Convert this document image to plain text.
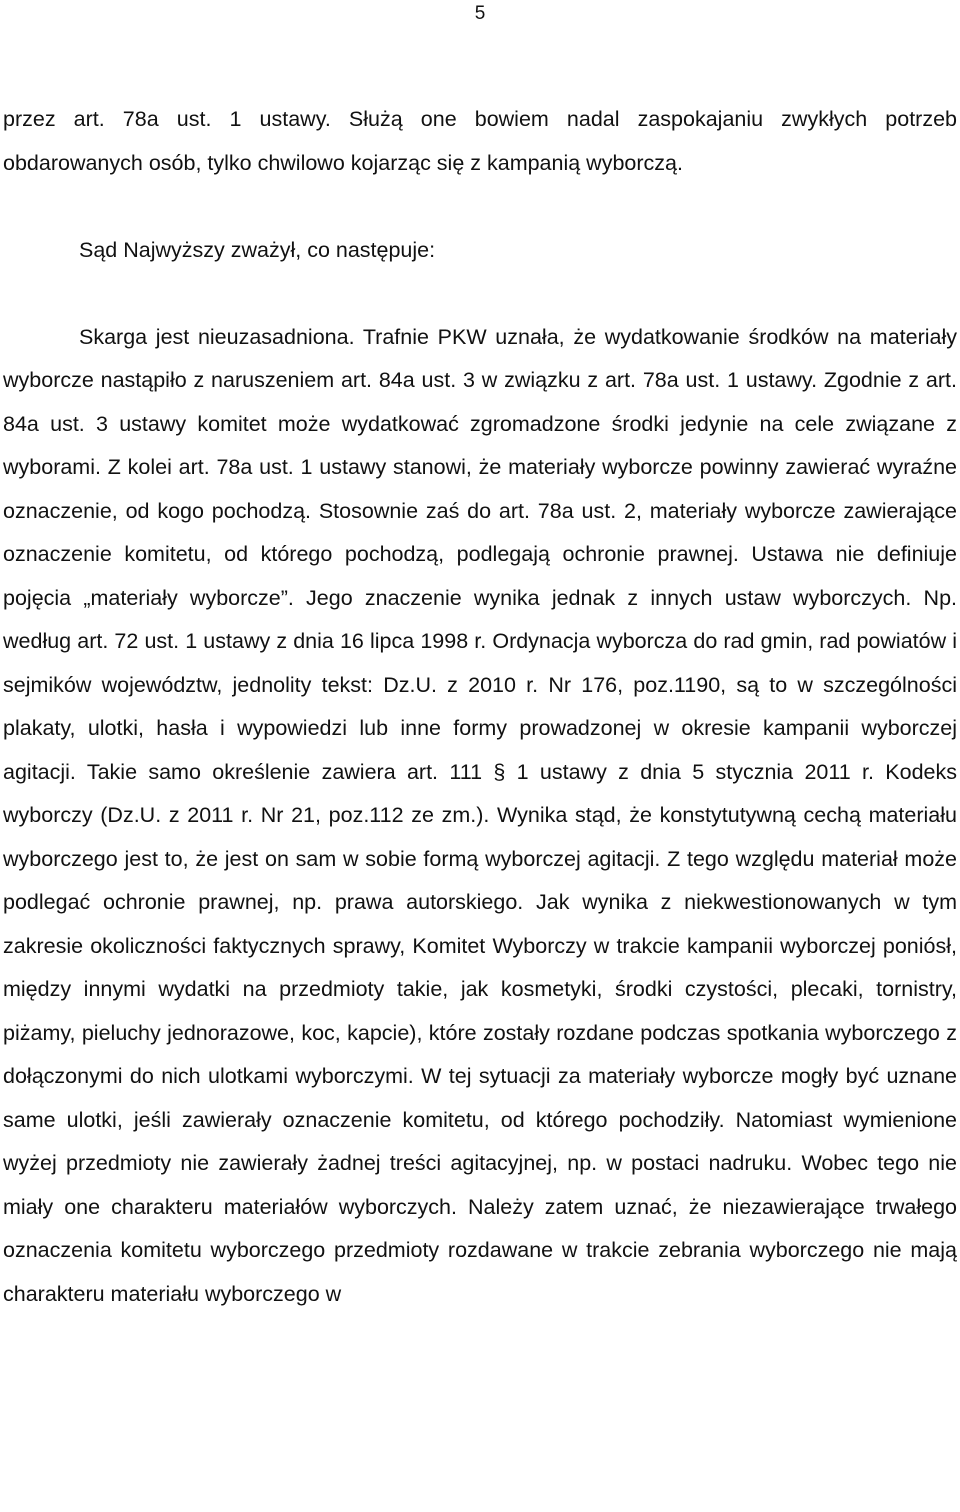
5

przez art. 78a ust. 1 ustawy. Służą one bowiem nadal zaspokajaniu zwykłych potrzeb obdarowanych osób, tylko chwilowo kojarząc się z kampanią wyborczą.

Sąd Najwyższy zważył, co następuje:

Skarga jest nieuzasadniona. Trafnie PKW uznała, że wydatkowanie środków na materiały wyborcze nastąpiło z naruszeniem art. 84a ust. 3 w związku z art. 78a ust. 1 ustawy. Zgodnie z art. 84a ust. 3 ustawy komitet może wydatkować zgromadzone środki jedynie na cele związane z wyborami. Z kolei art. 78a ust. 1 ustawy stanowi, że materiały wyborcze powinny zawierać wyraźne oznaczenie, od kogo pochodzą. Stosownie zaś do art. 78a ust. 2, materiały wyborcze zawierające oznaczenie komitetu, od którego pochodzą, podlegają ochronie prawnej. Ustawa nie definiuje pojęcia „materiały wyborcze”. Jego znaczenie wynika jednak z innych ustaw wyborczych. Np. według art. 72 ust. 1 ustawy z dnia 16 lipca 1998 r. Ordynacja wyborcza do rad gmin, rad powiatów i sejmików województw, jednolity tekst: Dz.U. z 2010 r. Nr 176, poz.1190, są to w szczególności plakaty, ulotki, hasła i wypowiedzi lub inne formy prowadzonej w okresie kampanii wyborczej agitacji. Takie samo określenie zawiera art. 111 § 1 ustawy z dnia 5 stycznia 2011 r. Kodeks wyborczy (Dz.U. z 2011 r. Nr 21, poz.112 ze zm.). Wynika stąd, że konstytutywną cechą materiału wyborczego jest to, że jest on sam w sobie formą wyborczej agitacji. Z tego względu materiał może podlegać ochronie prawnej, np. prawa autorskiego. Jak wynika z niekwestionowanych w tym zakresie okoliczności faktycznych sprawy, Komitet Wyborczy w trakcie kampanii wyborczej poniósł, między innymi wydatki na przedmioty takie, jak kosmetyki, środki czystości, plecaki, tornistry, piżamy, pieluchy jednorazowe, koc, kapcie), które zostały rozdane podczas spotkania wyborczego z dołączonymi do nich ulotkami wyborczymi. W tej sytuacji za materiały wyborcze mogły być uznane same ulotki, jeśli zawierały oznaczenie komitetu, od którego pochodziły. Natomiast wymienione wyżej przedmioty nie zawierały żadnej treści agitacyjnej, np. w postaci nadruku. Wobec tego nie miały one charakteru materiałów wyborczych. Należy zatem uznać, że niezawierające trwałego oznaczenia komitetu wyborczego przedmioty rozdawane w trakcie zebrania wyborczego nie mają charakteru materiału wyborczego w
